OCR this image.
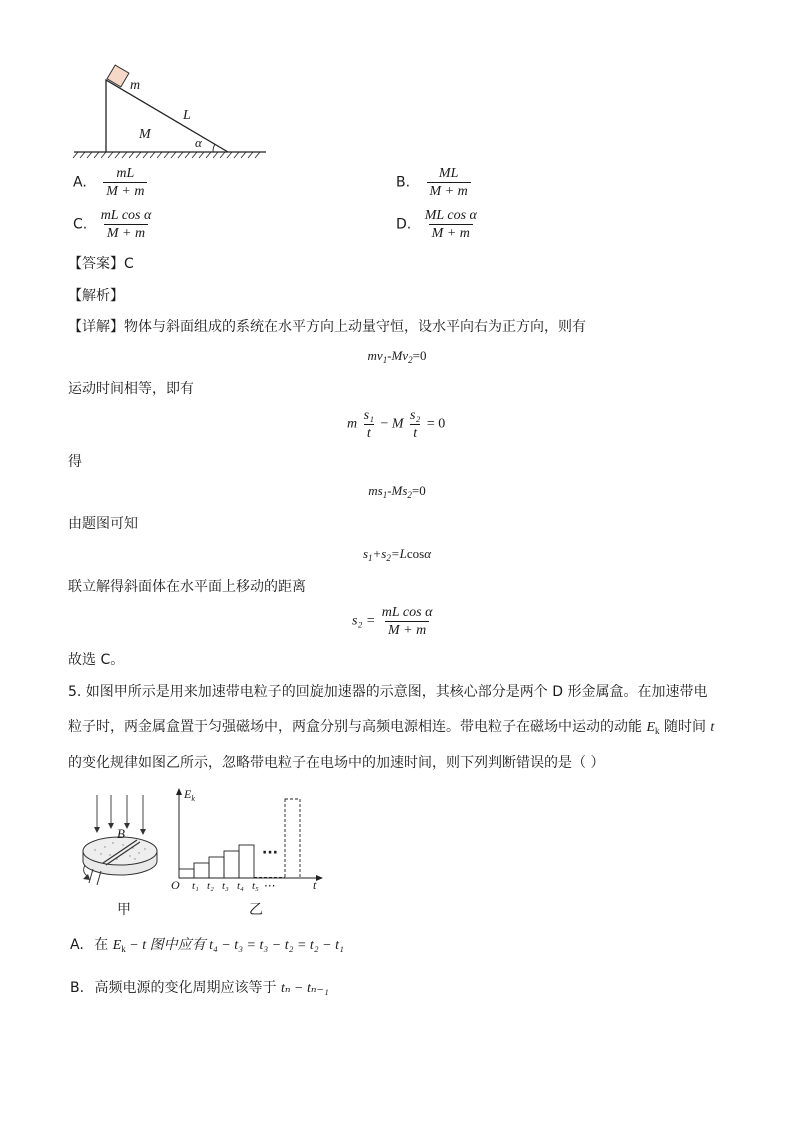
m
L
M
α
A. $\frac{mL}{M + m}$	B. $\frac{ML}{M + m}$
C. $\frac{\text{mL cos α}}{M + m}$	D. $\frac{\text{ML cos α}}{M + m}$
【答案】C
【解析】
【详解】物体与斜面组成的系统在水平方向上动量守恒，设水平向右为正方向，则有
$mv_1-Mv_2=0$
运动时间相等，即有
m $\frac{\text{s₁}}{t} - M \frac{\text{s₂}}{t} = 0$
得
$ms_1-Ms_2=0$
由题图可知
$s_1+s_2=Lcos\alpha$
联立解得斜面体在水平面上移动的距离
$s_2 = \frac{\text{mL cos α}}{M + m}$
故选 C。
5. 如图甲所示是用来加速带电粒子的回旋加速器的示意图，其核心部分是两个 D 形金属盒。在加速带电
粒子时，两金属盒置于匀强磁场中，两盒分别与高频电源相连。带电粒子在磁场中运动的动能 $E_k$ 随时间 t
的变化规律如图乙所示，忽略带电粒子在电场中的加速时间，则下列判断错误的是（ ）
B
甲
$E_k$
···
O t₁ t₂ t₃ t₄ t₅ ···	t
乙
A. 在 $E_k - t$ 图中应有 t₄ − t₃ = t₃ − t₂ = t₂ − t₁
B. 高频电源的变化周期应该等于 tₙ − tₙ₋₁
